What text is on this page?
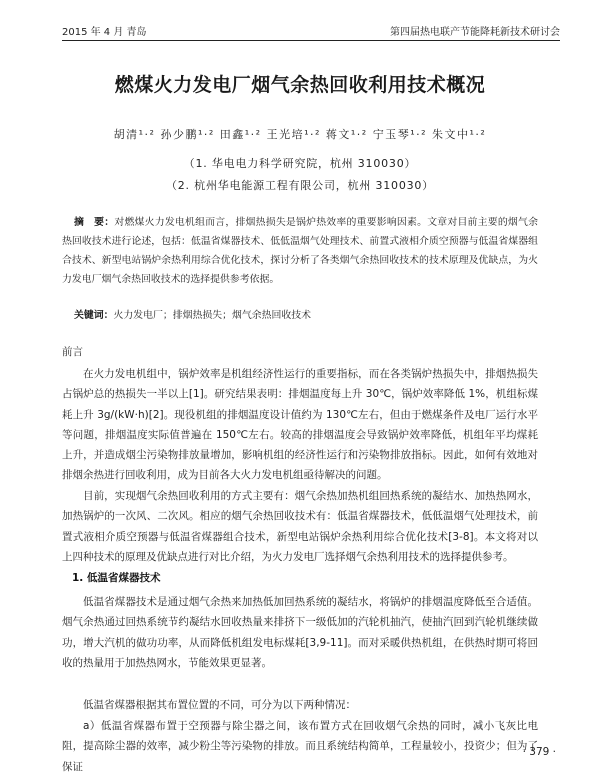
2015 年 4 月 青岛	第四届热电联产节能降耗新技术研讨会
燃煤火力发电厂烟气余热回收利用技术概况
胡清¹·² 孙少鹏¹·² 田鑫¹·² 王光培¹·² 蒋文¹·² 宁玉琴¹·² 朱文中¹·²
（1. 华电电力科学研究院，杭州 310030）
（2. 杭州华电能源工程有限公司，杭州 310030）

摘　要：对燃煤火力发电机组而言，排烟热损失是锅炉热效率的重要影响因素。文章对目前主要的烟气余热回收技术进行论述，包括：低温省煤器技术、低低温烟气处理技术、前置式液相介质空预器与低温省煤器组合技术、新型电站锅炉余热利用综合优化技术，探讨分析了各类烟气余热回收技术的技术原理及优缺点，为火力发电厂烟气余热回收技术的选择提供参考依据。

关键词：火力发电厂；排烟热损失；烟气余热回收技术
前言

在火力发电机组中，锅炉效率是机组经济性运行的重要指标，而在各类锅炉热损失中，排烟热损失占锅炉总的热损失一半以上[1]。研究结果表明：排烟温度每上升 30℃，锅炉效率降低 1%，机组标煤耗上升 3g/(kW·h)[2]。现役机组的排烟温度设计值约为 130℃左右，但由于燃煤条件及电厂运行水平等问题，排烟温度实际值普遍在 150℃左右。较高的排烟温度会导致锅炉效率降低，机组年平均煤耗上升，并造成烟尘污染物排放量增加，影响机组的经济性运行和污染物排放指标。因此，如何有效地对排烟余热进行回收利用，成为目前各大火力发电机组亟待解决的问题。

目前，实现烟气余热回收利用的方式主要有：烟气余热加热机组回热系统的凝结水、加热热网水，加热锅炉的一次风、二次风。相应的烟气余热回收技术有：低温省煤器技术，低低温烟气处理技术，前置式液相介质空预器与低温省煤器组合技术，新型电站锅炉余热利用综合优化技术[3-8]。本文将对以上四种技术的原理及优缺点进行对比介绍，为火力发电厂选择烟气余热利用技术的选择提供参考。

1. 低温省煤器技术

低温省煤器技术是通过烟气余热来加热低加回热系统的凝结水，将锅炉的排烟温度降低至合适值。烟气余热通过回热系统节约凝结水回收热量来排挤下一级低加的汽轮机抽汽，使抽汽回到汽轮机继续做功，增大汽机的做功功率，从而降低机组发电标煤耗[3,9-11]。而对采暖供热机组，在供热时期可将回收的热量用于加热热网水，节能效果更显著。

低温省煤器根据其布置位置的不同，可分为以下两种情况：

a）低温省煤器布置于空预器与除尘器之间，该布置方式在回收烟气余热的同时，减小飞灰比电阻，提高除尘器的效率，减少粉尘等污染物的排放。而且系统结构简单，工程量较小，投资少；但为了保证

· 379 ·
